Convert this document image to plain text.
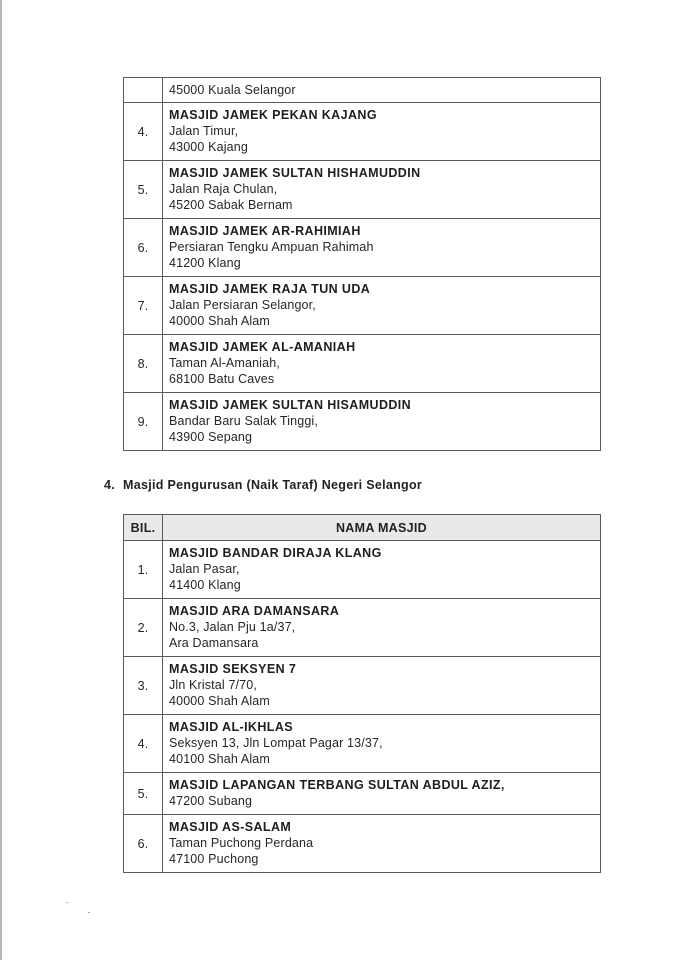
	45000 Kuala Selangor
4.	MASJID JAMEK PEKAN KAJANG
Jalan Timur,
43000 Kajang

5.	MASJID JAMEK SULTAN HISHAMUDDIN
Jalan Raja Chulan,
45200 Sabak Bernam

6.	MASJID JAMEK AR-RAHIMIAH
Persiaran Tengku Ampuan Rahimah
41200 Klang

7.	MASJID JAMEK RAJA TUN UDA
Jalan Persiaran Selangor,
40000 Shah Alam

8.	MASJID JAMEK AL-AMANIAH
Taman Al-Amaniah,
68100 Batu Caves

9.	MASJID JAMEK SULTAN HISAMUDDIN
Bandar Baru Salak Tinggi,
43900 Sepang
4. Masjid Pengurusan (Naik Taraf) Negeri Selangor
BIL.	NAMA MASJID
1.	MASJID BANDAR DIRAJA KLANG
Jalan Pasar,
41400 Klang

2.	MASJID ARA DAMANSARA
No.3, Jalan Pju 1a/37,
Ara Damansara

3.	MASJID SEKSYEN 7
Jln Kristal 7/70,
40000 Shah Alam

4.	MASJID AL-IKHLAS
Seksyen 13, Jln Lompat Pagar 13/37,
40100 Shah Alam

5.	MASJID LAPANGAN TERBANG SULTAN ABDUL AZIZ,
47200 Subang

6.	MASJID AS-SALAM
Taman Puchong Perdana
47100 Puchong
